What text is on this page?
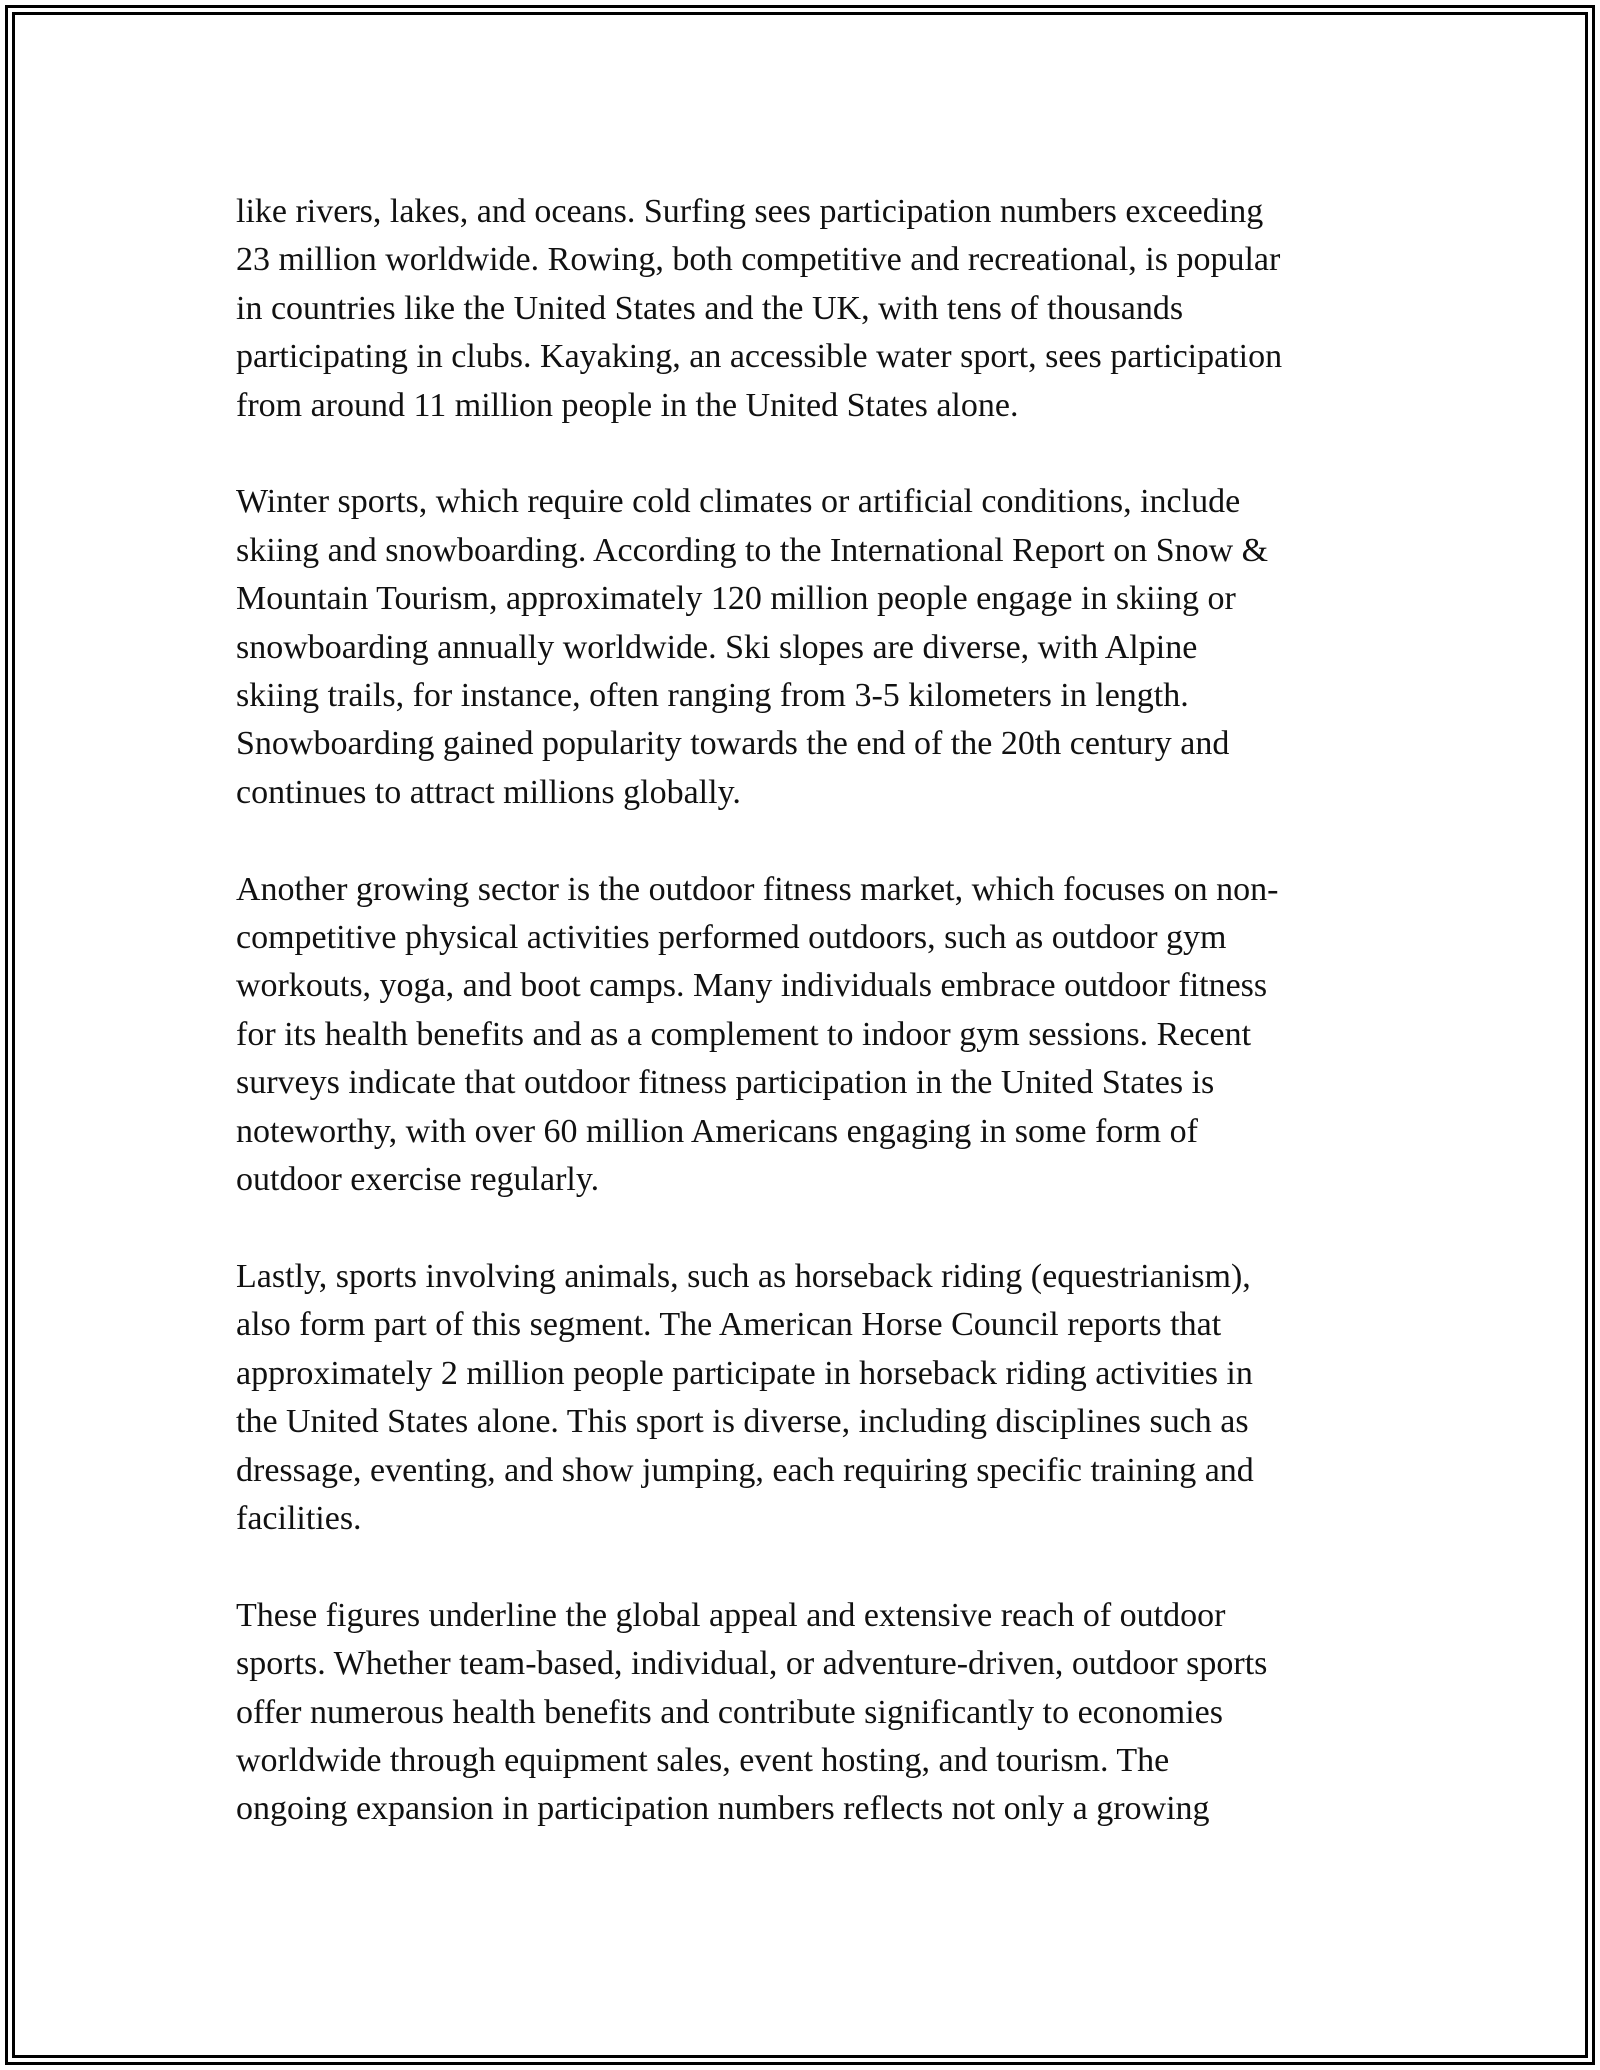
like rivers, lakes, and oceans. Surfing sees participation numbers exceeding
23 million worldwide. Rowing, both competitive and recreational, is popular
in countries like the United States and the UK, with tens of thousands
participating in clubs. Kayaking, an accessible water sport, sees participation
from around 11 million people in the United States alone.

Winter sports, which require cold climates or artificial conditions, include
skiing and snowboarding. According to the International Report on Snow &
Mountain Tourism, approximately 120 million people engage in skiing or
snowboarding annually worldwide. Ski slopes are diverse, with Alpine
skiing trails, for instance, often ranging from 3-5 kilometers in length.
Snowboarding gained popularity towards the end of the 20th century and
continues to attract millions globally.

Another growing sector is the outdoor fitness market, which focuses on non-
competitive physical activities performed outdoors, such as outdoor gym
workouts, yoga, and boot camps. Many individuals embrace outdoor fitness
for its health benefits and as a complement to indoor gym sessions. Recent
surveys indicate that outdoor fitness participation in the United States is
noteworthy, with over 60 million Americans engaging in some form of
outdoor exercise regularly.

Lastly, sports involving animals, such as horseback riding (equestrianism),
also form part of this segment. The American Horse Council reports that
approximately 2 million people participate in horseback riding activities in
the United States alone. This sport is diverse, including disciplines such as
dressage, eventing, and show jumping, each requiring specific training and
facilities.

These figures underline the global appeal and extensive reach of outdoor
sports. Whether team-based, individual, or adventure-driven, outdoor sports
offer numerous health benefits and contribute significantly to economies
worldwide through equipment sales, event hosting, and tourism. The
ongoing expansion in participation numbers reflects not only a growing
